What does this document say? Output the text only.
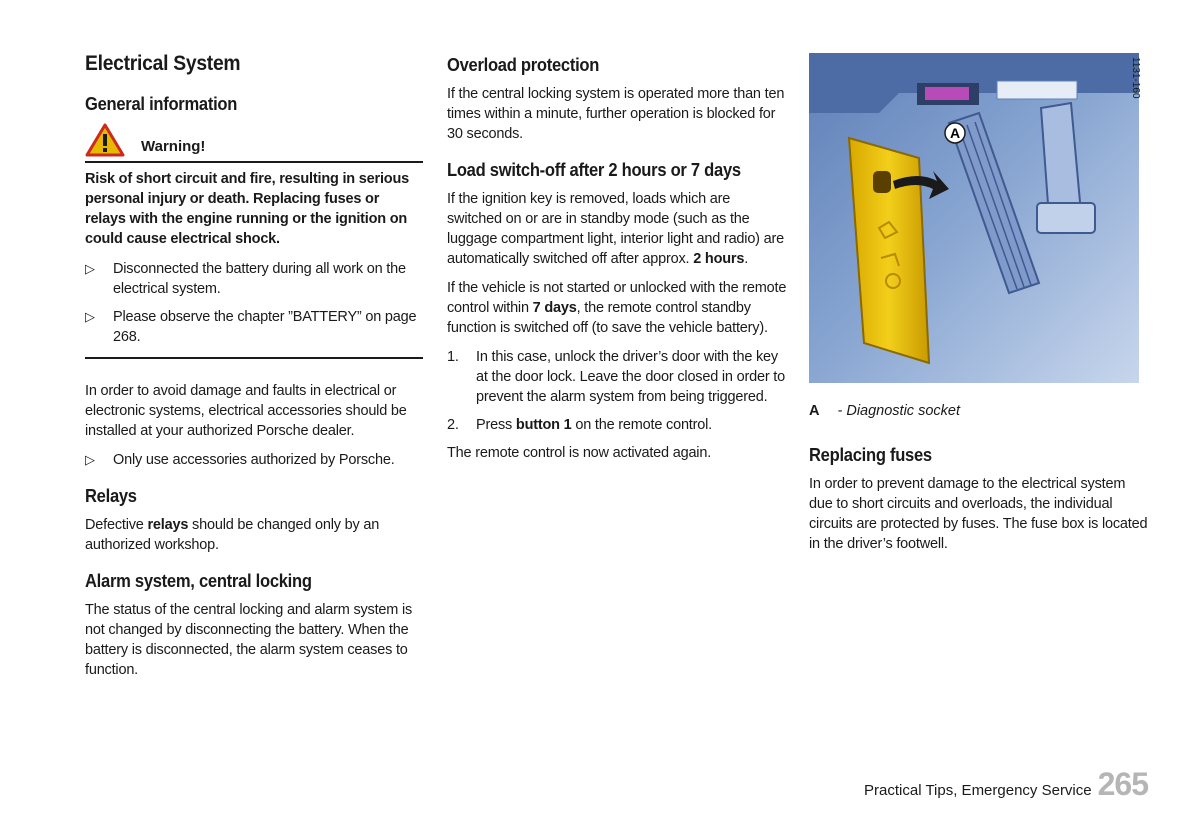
Electrical System
General information
Warning!

Risk of short circuit and fire, resulting in serious personal injury or death. Replacing fuses or relays with the engine running or the ignition on could cause electrical shock.

▷ Disconnected the battery during all work on the electrical system.
▷ Please observe the chapter ”BATTERY” on page 268.

In order to avoid damage and faults in electrical or electronic systems, electrical accessories should be installed at your authorized Porsche dealer.

▷ Only use accessories authorized by Porsche.
Relays

Defective relays should be changed only by an authorized workshop.

Alarm system, central locking

The status of the central locking and alarm system is not changed by disconnecting the battery. When the battery is disconnected, the alarm system ceases to function.

Overload protection

If the central locking system is operated more than ten times within a minute, further operation is blocked for 30 seconds.

Load switch-off after 2 hours or 7 days

If the ignition key is removed, loads which are switched on or are in standby mode (such as the luggage compartment light, interior light and radio) are automatically switched off after approx. 2 hours.

If the vehicle is not started or unlocked with the remote control within 7 days, the remote control standby function is switched off (to save the vehicle battery).

1. In this case, unlock the driver’s door with the key at the door lock. Leave the door closed in order to prevent the alarm system from being triggered.
2. Press button 1 on the remote control.

The remote control is now activated again.

A
1131-160
A - Diagnostic socket
Replacing fuses

In order to prevent damage to the electrical system due to short circuits and overloads, the individual circuits are protected by fuses. The fuse box is located in the driver’s footwell.

Practical Tips, Emergency Service 265
